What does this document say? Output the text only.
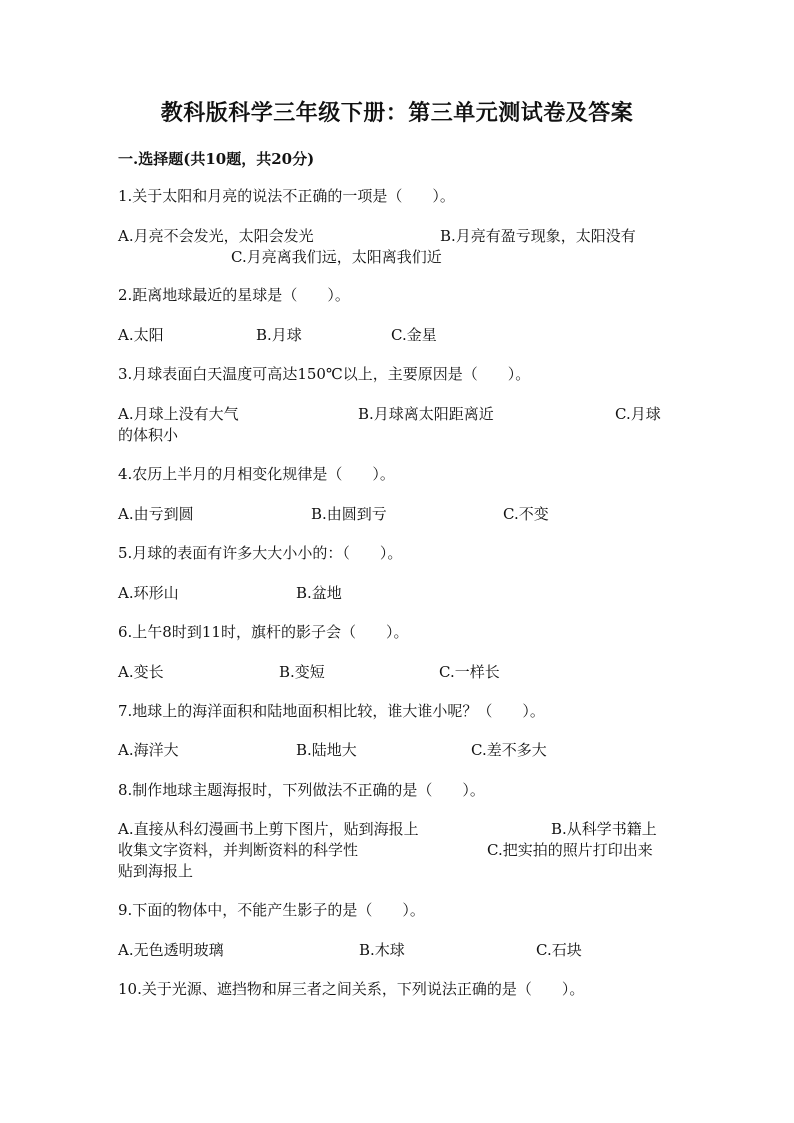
教科版科学三年级下册：第三单元测试卷及答案
一.选择题(共10题，共20分)
1.关于太阳和月亮的说法不正确的一项是（　　）。
A.月亮不会发光，太阳会发光	B.月亮有盈亏现象，太阳没有
C.月亮离我们远，太阳离我们近
2.距离地球最近的星球是（　　）。
A.太阳	B.月球	C.金星
3.月球表面白天温度可高达150℃以上，主要原因是（　　）。
A.月球上没有大气	B.月球离太阳距离近	C.月球
的体积小
4.农历上半月的月相变化规律是（　　）。
A.由亏到圆	B.由圆到亏	C.不变
5.月球的表面有许多大大小小的：（　　）。
A.环形山	B.盆地
6.上午8时到11时，旗杆的影子会（　　）。
A.变长	B.变短	C.一样长
7.地球上的海洋面积和陆地面积相比较，谁大谁小呢？（　　）。
A.海洋大	B.陆地大	C.差不多大
8.制作地球主题海报时，下列做法不正确的是（　　）。
A.直接从科幻漫画书上剪下图片，贴到海报上	B.从科学书籍上
收集文字资料，并判断资料的科学性	C.把实拍的照片打印出来
贴到海报上
9.下面的物体中，不能产生影子的是（　　）。
A.无色透明玻璃	B.木球	C.石块
10.关于光源、遮挡物和屏三者之间关系，下列说法正确的是（　　）。
